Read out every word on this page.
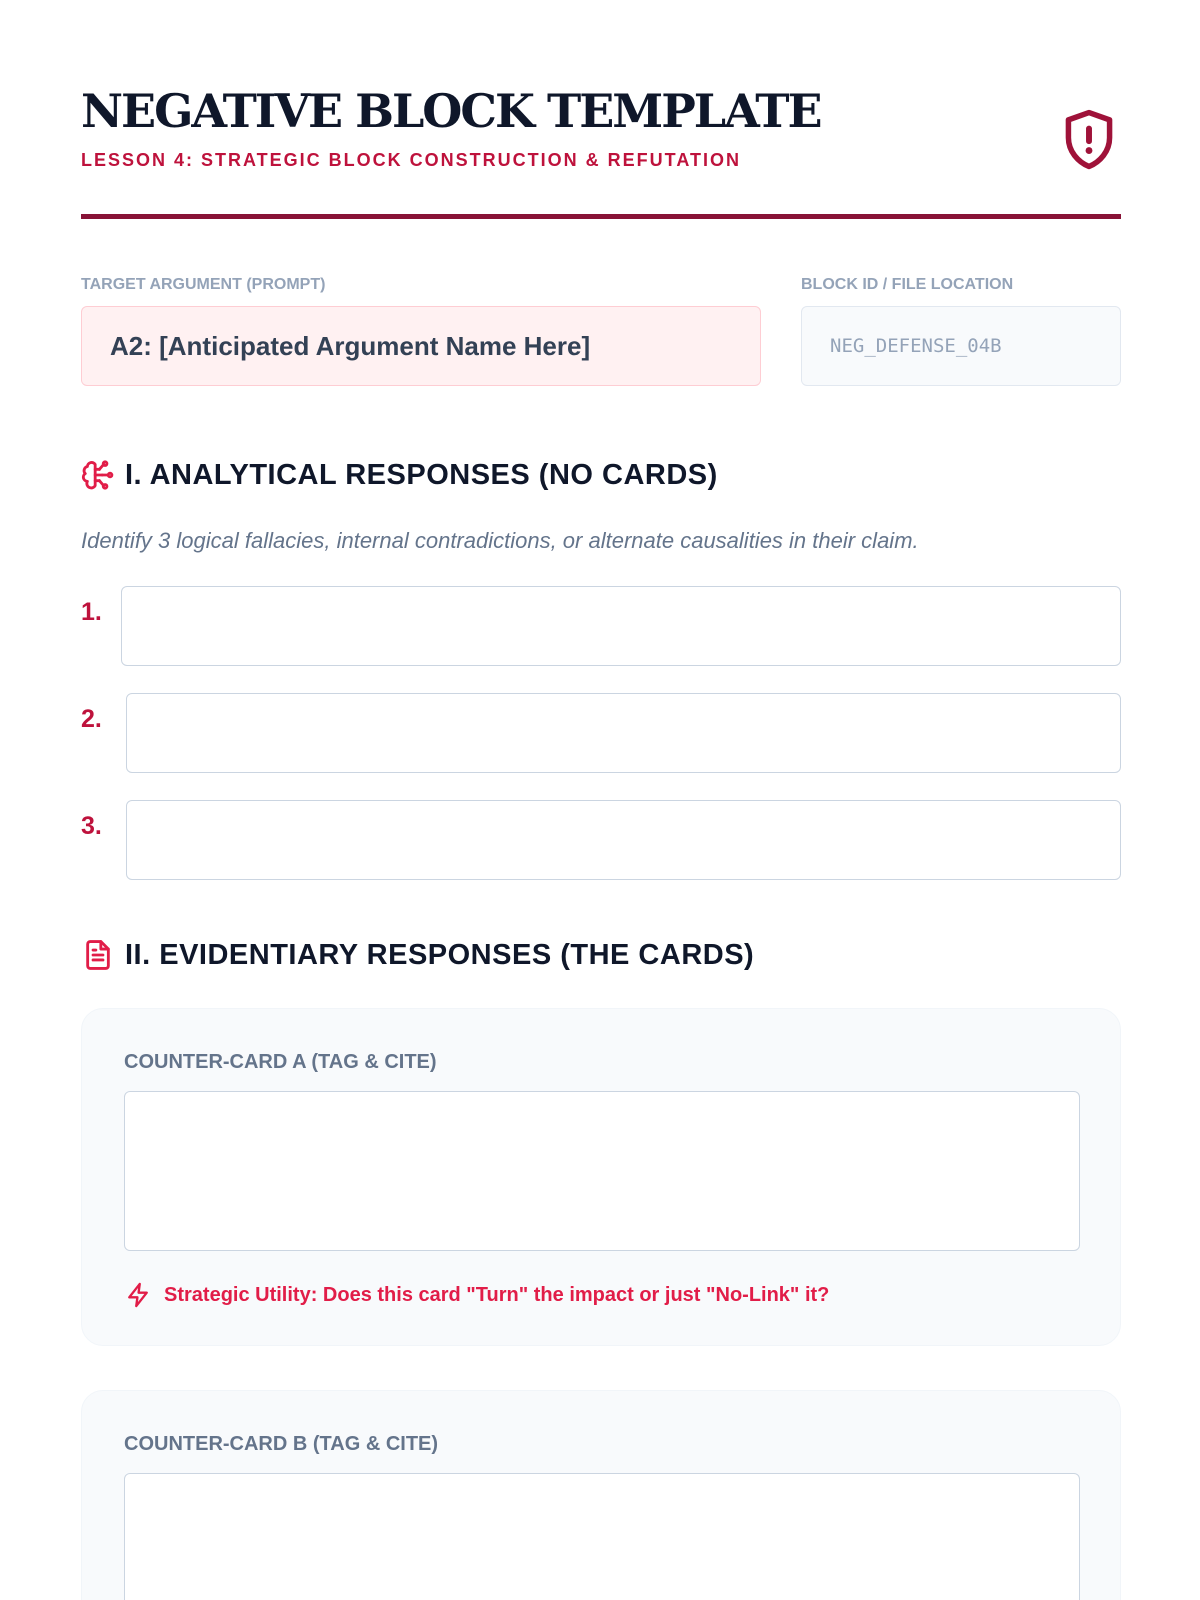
NEGATIVE BLOCK TEMPLATE
LESSON 4: STRATEGIC BLOCK CONSTRUCTION & REFUTATION
TARGET ARGUMENT (PROMPT)	BLOCK ID / FILE LOCATION
A2: [Anticipated Argument Name Here]	NEG_DEFENSE_04B
I. ANALYTICAL RESPONSES (NO CARDS)
Identify 3 logical fallacies, internal contradictions, or alternate causalities in their claim.
1.
2.
3.
II. EVIDENTIARY RESPONSES (THE CARDS)
COUNTER-CARD A (TAG & CITE)
Strategic Utility: Does this card "Turn" the impact or just "No-Link" it?
COUNTER-CARD B (TAG & CITE)
